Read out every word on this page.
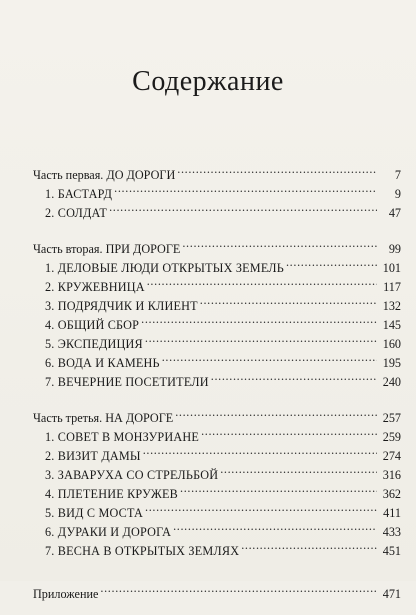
Содержание
Часть первая. ДО ДОРОГИ . . .	7
1. БАСТАРД . . .	9
2. СОЛДАТ . . .	47
Часть вторая. ПРИ ДОРОГЕ . . .	99
1. ДЕЛОВЫЕ ЛЮДИ ОТКРЫТЫХ ЗЕМЕЛЬ . . .	101
2. КРУЖЕВНИЦА . . .	117
3. ПОДРЯДЧИК И КЛИЕНТ . . .	132
4. ОБЩИЙ СБОР . . .	145
5. ЭКСПЕДИЦИЯ . . .	160
6. ВОДА И КАМЕНЬ . . .	195
7. ВЕЧЕРНИЕ ПОСЕТИТЕЛИ . . .	240
Часть третья. НА ДОРОГЕ . . .	257
1. СОВЕТ В МОНЗУРИАНЕ . . .	259
2. ВИЗИТ ДАМЫ . . .	274
3. ЗАВАРУХА СО СТРЕЛЬБОЙ . . .	316
4. ПЛЕТЕНИЕ КРУЖЕВ . . .	362
5. ВИД С МОСТА . . .	411
6. ДУРАКИ И ДОРОГА . . .	433
7. ВЕСНА В ОТКРЫТЫХ ЗЕМЛЯХ . . .	451
Приложение . . .	471
